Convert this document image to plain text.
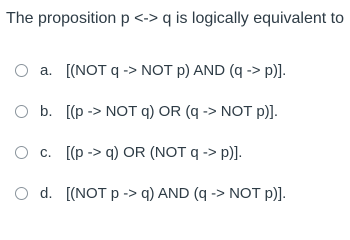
The proposition p <-> q is logically equivalent to
a. [(NOT q -> NOT p) AND (q -> p)].
b. [(p -> NOT q) OR (q -> NOT p)].
c. [(p -> q) OR (NOT q -> p)].
d. [(NOT p -> q) AND (q -> NOT p)].
